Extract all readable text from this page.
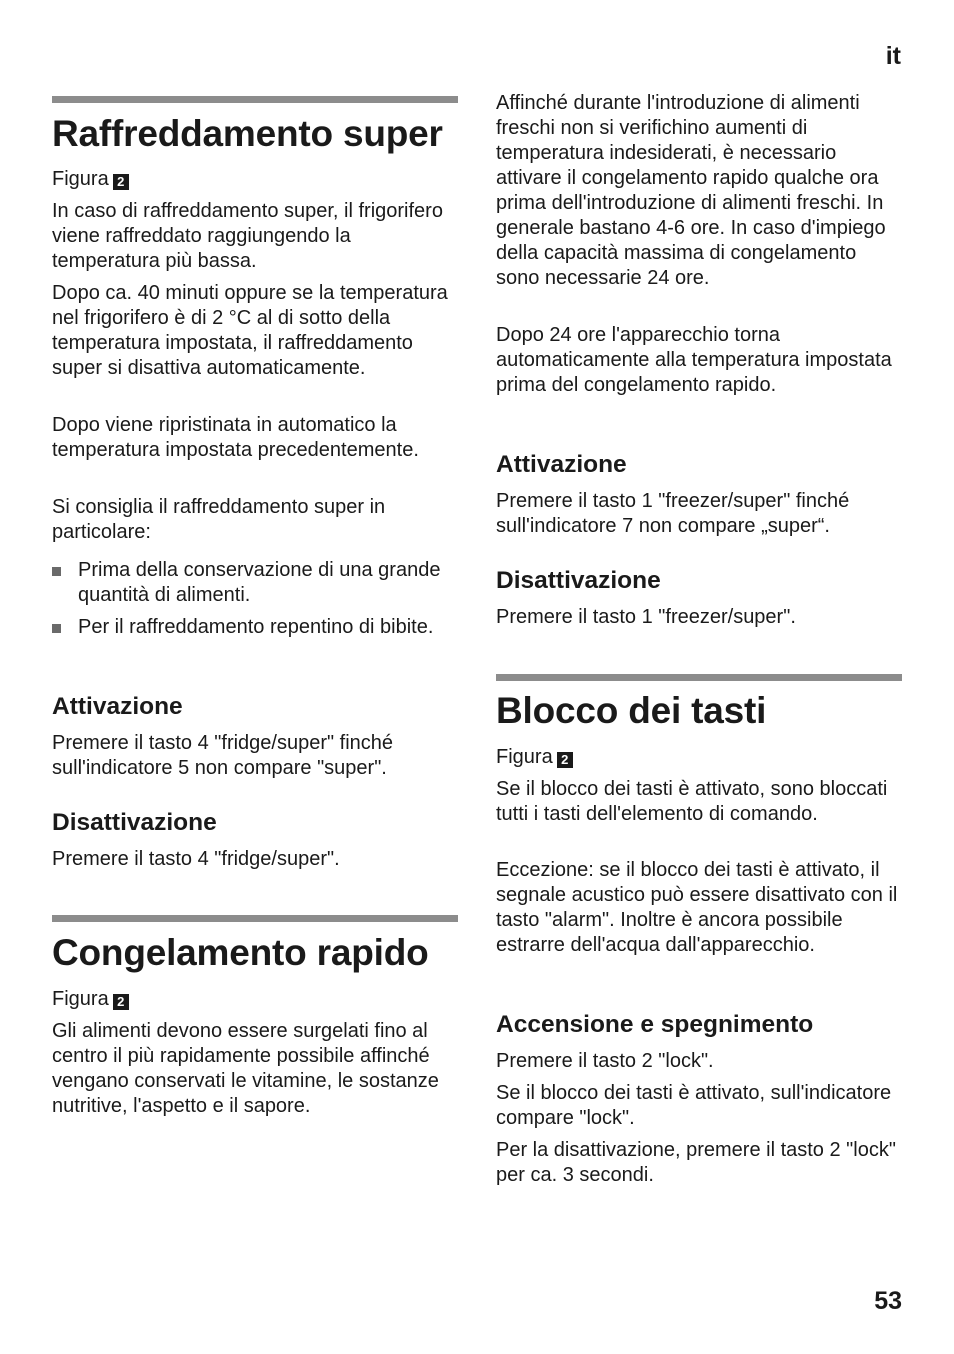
it
Raffreddamento super

Figura 2

In caso di raffreddamento super, il frigorifero viene raffreddato raggiungendo la temperatura più bassa.

Dopo ca. 40 minuti oppure se la temperatura nel frigorifero è di 2 °C al di sotto della temperatura impostata, il raffreddamento super si disattiva automaticamente.

Dopo viene ripristinata in automatico la temperatura impostata precedentemente.

Si consiglia il raffreddamento super in particolare:

Prima della conservazione di una grande quantità di alimenti.
Per il raffreddamento repentino di bibite.
Attivazione

Premere il tasto 4 "fridge/super" finché sull'indicatore 5 non compare "super".

Disattivazione

Premere il tasto 4 "fridge/super".

Congelamento rapido

Figura 2

Gli alimenti devono essere surgelati fino al centro il più rapidamente possibile affinché vengano conservati le vitamine, le sostanze nutritive, l'aspetto e il sapore.

Affinché durante l'introduzione di alimenti freschi non si verifichino aumenti di temperatura indesiderati, è necessario attivare il congelamento rapido qualche ora prima dell'introduzione di alimenti freschi. In generale bastano 4-6 ore. In caso d'impiego della capacità massima di congelamento sono necessarie 24 ore.

Dopo 24 ore l'apparecchio torna automaticamente alla temperatura impostata prima del congelamento rapido.

Attivazione

Premere il tasto 1 "freezer/super" finché sull'indicatore 7 non compare „super“.

Disattivazione

Premere il tasto 1 "freezer/super".

Blocco dei tasti

Figura 2

Se il blocco dei tasti è attivato, sono bloccati tutti i tasti dell'elemento di comando.

Eccezione: se il blocco dei tasti è attivato, il segnale acustico può essere disattivato con il tasto "alarm". Inoltre è ancora possibile estrarre dell'acqua dall'apparecchio.

Accensione e spegnimento

Premere il tasto 2 "lock".

Se il blocco dei tasti è attivato, sull'indicatore compare "lock".

Per la disattivazione, premere il tasto 2 "lock" per ca. 3 secondi.

53
